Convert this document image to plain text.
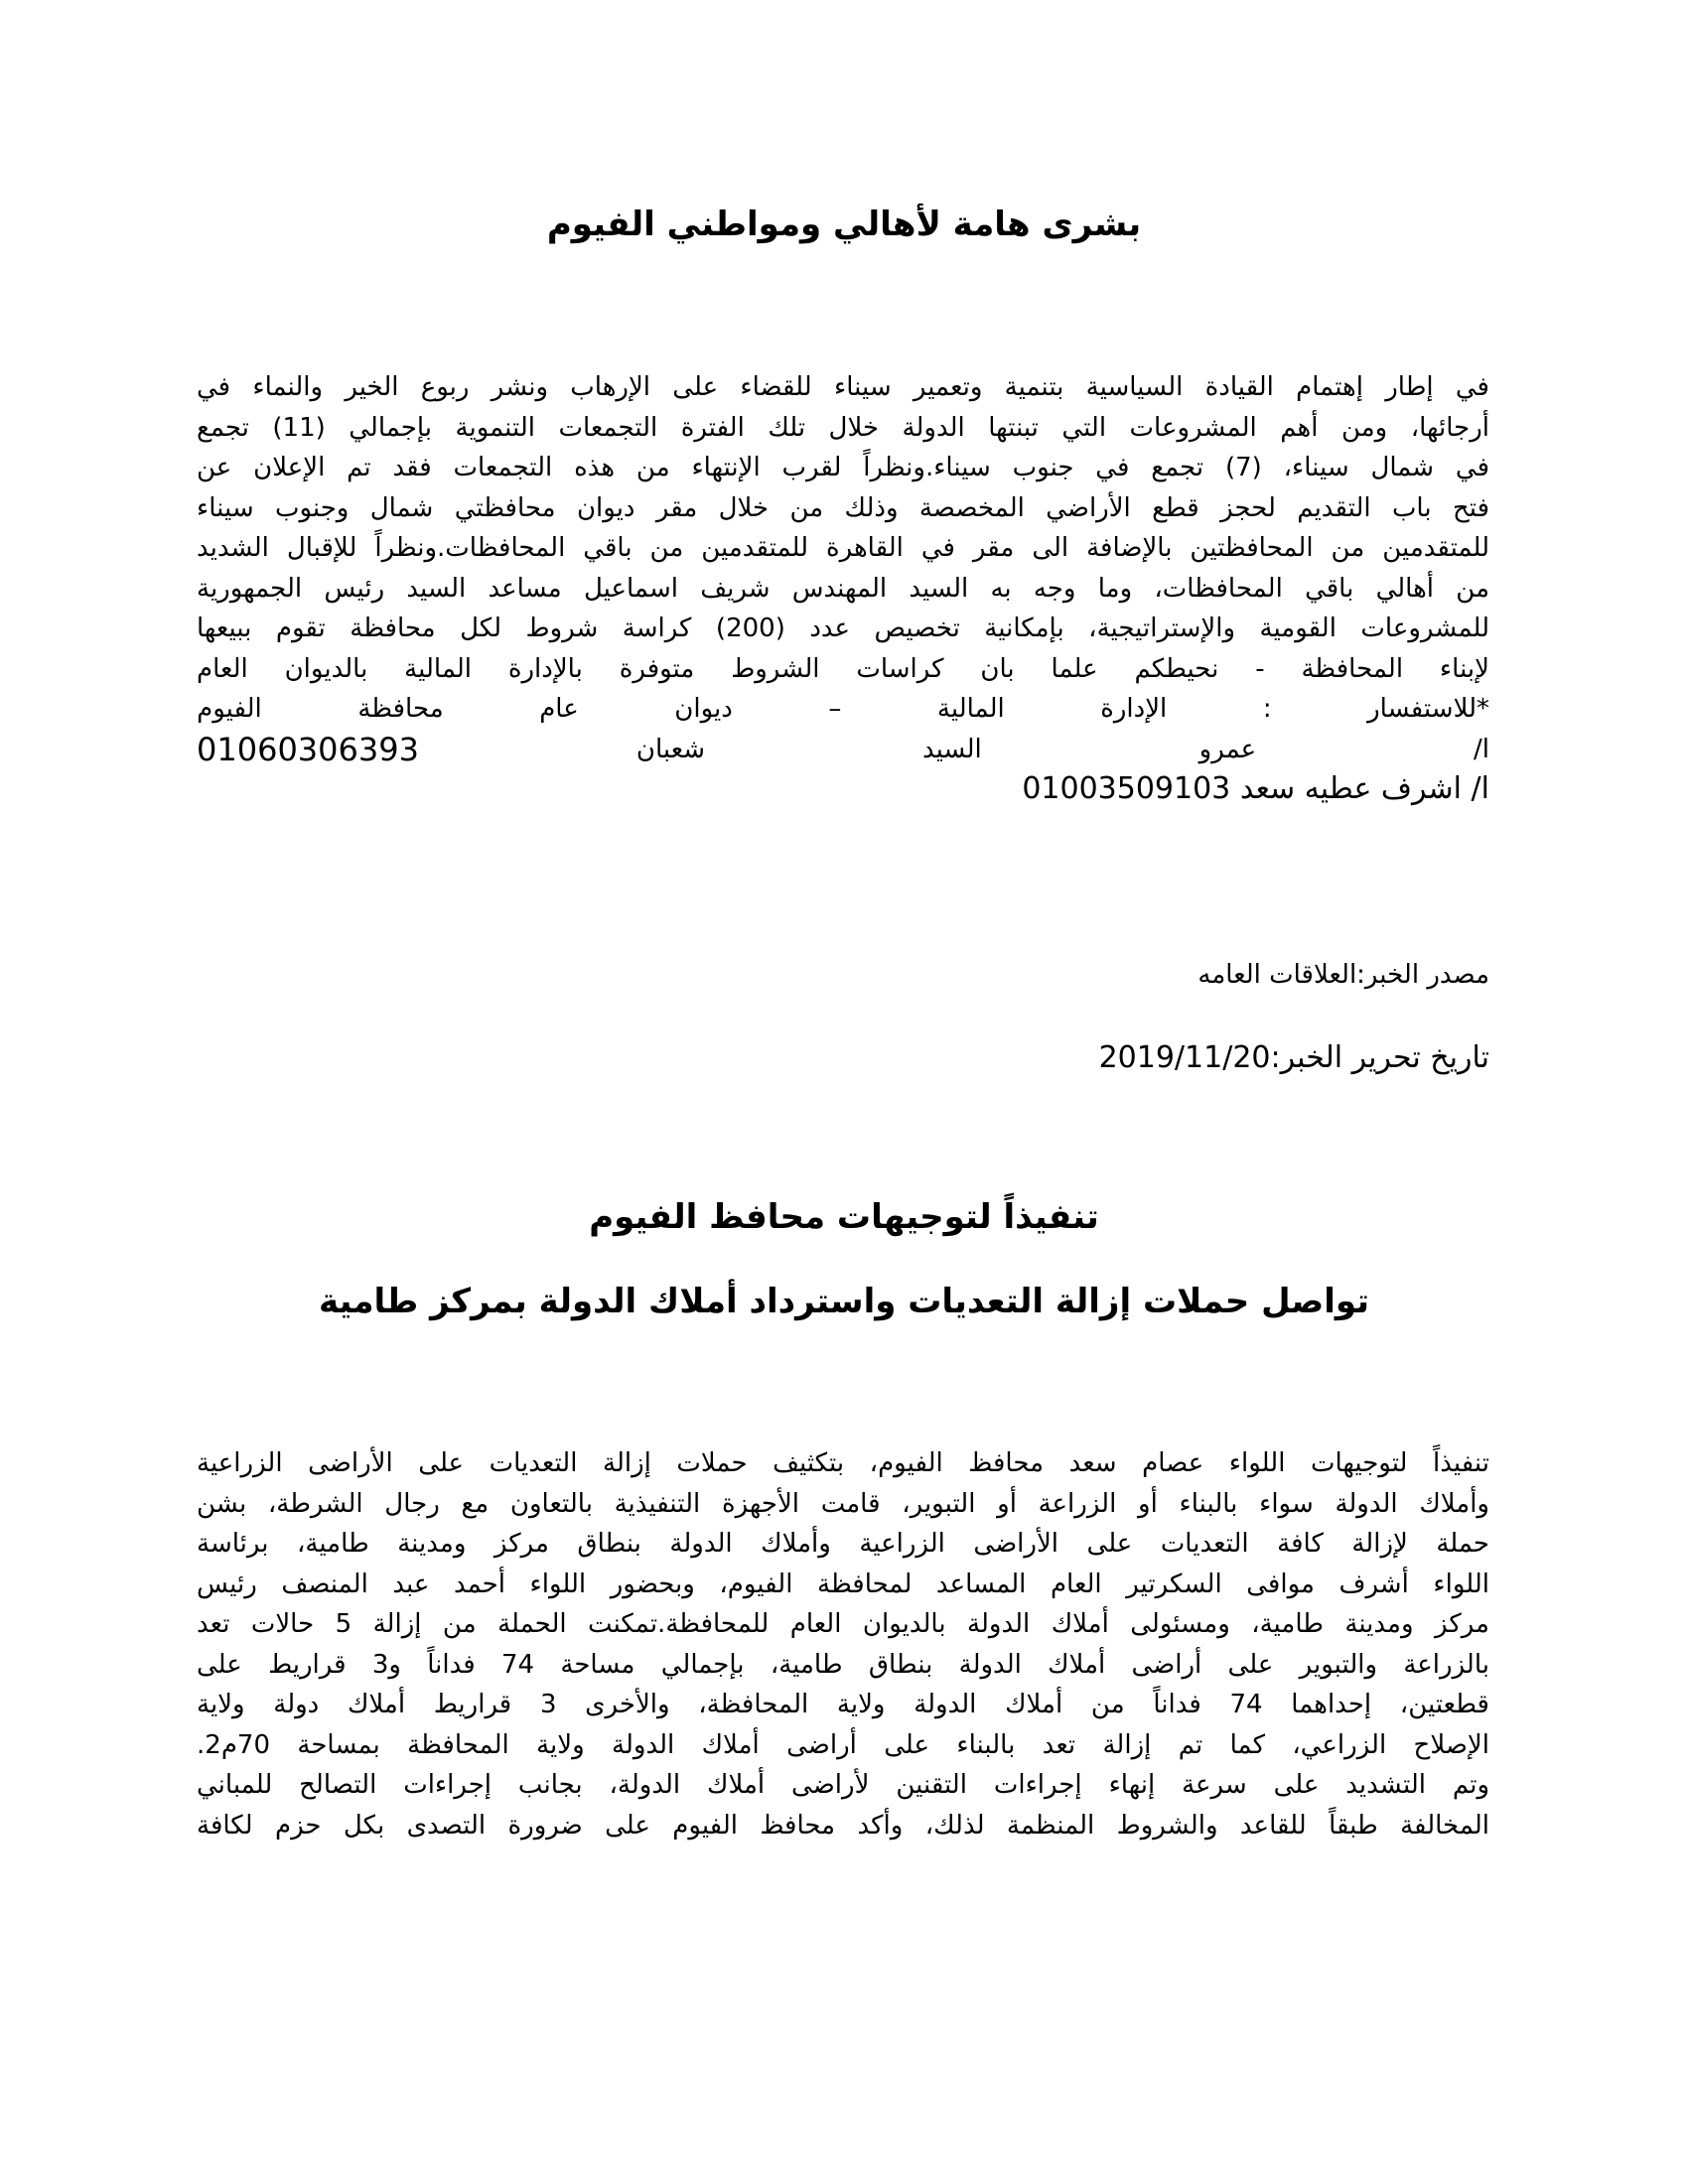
بشرى هامة لأهالي ومواطني الفيوم
في إطار إهتمام القيادة السياسية بتنمية وتعمير سيناء للقضاء على الإرهاب ونشر ربوع الخير والنماء في
أرجائها، ومن أهم المشروعات التي تبنتها الدولة خلال تلك الفترة التجمعات التنموية بإجمالي (11) تجمع
في شمال سيناء، (7) تجمع في جنوب سيناء.ونظراً لقرب الإنتهاء من هذه التجمعات فقد تم الإعلان عن
فتح باب التقديم لحجز قطع الأراضي المخصصة وذلك من خلال مقر ديوان محافظتي شمال وجنوب سيناء
للمتقدمين من المحافظتين بالإضافة الى مقر في القاهرة للمتقدمين من باقي المحافظات.ونظراً للإقبال الشديد
من أهالي باقي المحافظات، وما وجه به السيد المهندس شريف اسماعيل مساعد السيد رئيس الجمهورية
للمشروعات القومية والإستراتيجية، بإمكانية تخصيص عدد (200) كراسة شروط لكل محافظة تقوم ببيعها
لإبناء المحافظة - نحيطكم علما بان كراسات الشروط متوفرة بالإدارة المالية بالديوان العام
*للاستفسار
:
الإدارة
المالية
–
ديوان
عام
محافظة
الفيوم
ا/
عمرو
السيد
شعبان
01060306393
ا/ اشرف عطيه سعد 01003509103
مصدر الخبر:العلاقات العامه
تاريخ تحرير الخبر:2019/11/20
تنفيذاً لتوجيهات محافظ الفيوم
تواصل حملات إزالة التعديات واسترداد أملاك الدولة بمركز طامية
تنفيذاً لتوجيهات اللواء عصام سعد محافظ الفيوم، بتكثيف حملات إزالة التعديات على الأراضى الزراعية
وأملاك الدولة سواء بالبناء أو الزراعة أو التبوير، قامت الأجهزة التنفيذية بالتعاون مع رجال الشرطة، بشن
حملة لإزالة كافة التعديات على الأراضى الزراعية وأملاك الدولة بنطاق مركز ومدينة طامية، برئاسة
اللواء أشرف موافى السكرتير العام المساعد لمحافظة الفيوم، وبحضور اللواء أحمد عبد المنصف رئيس
مركز ومدينة طامية، ومسئولى أملاك الدولة بالديوان العام للمحافظة.تمكنت الحملة من إزالة 5 حالات تعد
بالزراعة والتبوير على أراضى أملاك الدولة بنطاق طامية، بإجمالي مساحة 74 فداناً و3 قراريط على
قطعتين، إحداهما 74 فداناً من أملاك الدولة ولاية المحافظة، والأخرى 3 قراريط أملاك دولة ولاية
الإصلاح الزراعي، كما تم إزالة تعد بالبناء على أراضى أملاك الدولة ولاية المحافظة بمساحة 70م2.
وتم التشديد على سرعة إنهاء إجراءات التقنين لأراضى أملاك الدولة، بجانب إجراءات التصالح للمباني
المخالفة طبقاً للقاعد والشروط المنظمة لذلك، وأكد محافظ الفيوم على ضرورة التصدى بكل حزم لكافة
